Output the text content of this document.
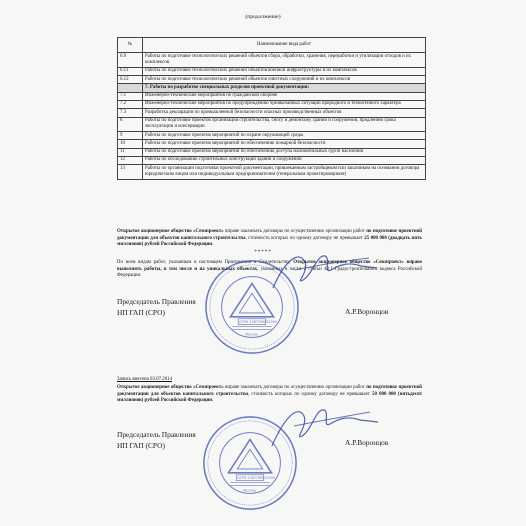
(продолжение)
№	Наименование вида работ
6.9	Работы по подготовке технологических решений объектов сбора, обработки, хранения, переработки и утилизации отходов и их комплексов
6.11	Работы по подготовке технологических решений объектов военной инфраструктуры и их комплексов
6.12	Работы по подготовке технологических решений объектов очистных сооружений и их комплексов
	7. Работы по разработке специальных разделов проектной документации:
7.1	Инженерно-технические мероприятия по гражданской обороне
7.2	Инженерно-технические мероприятия по предупреждению чрезвычайных ситуаций природного и техногенного характера
7.3	Разработка декларации по промышленной безопасности опасных производственных объектов
8	Работы по подготовке проектов организации строительства, сносу и демонтажу зданий и сооружений, продлению срока эксплуатации и консервации
9	Работы по подготовке проектов мероприятий по охране окружающей среды
10	Работы по подготовке проектов мероприятий по обеспечению пожарной безопасности
11	Работы по подготовке проектов мероприятий по обеспечению доступа маломобильных групп населения
12	Работы по обследованию строительных конструкций зданий и сооружений
13	Работы по организации подготовки проектной документации, привлекаемым застройщиком или заказчиком на основании договора юридическим лицом или индивидуальным предпринимателем (генеральным проектировщиком)
Открытое акционерное общество «Севзпроект» вправе заключать договоры по осуществлению организации работ по подготовке проектной документации для объектов капитального строительства, стоимость которых по одному договору не превышает 25 000 000 (двадцать пять миллионов) рублей Российской Федерации.
*****
По всем видам работ, указанным в настоящем Приложении к Свидетельству, Открытое акционерное общество «Севзпроект» вправе выполнять работы, в том числе и на уникальных объектах, указанных в части 2 статьи 48.1 Градостроительного кодекса Российской Федерации.
Председатель Правления
НП ГАП (СРО)	А.Р.Воронцов
Запись внесена 03.07.2014
Открытое акционерное общество «Севзпроект» вправе заключать договоры по осуществлению организации работ по подготовке проектной документации для объектов капитального строительства, стоимость которых по одному договору не превышает 50 000 000 (пятьдесят миллионов) рублей Российской Федерации.
Председатель Правления
НП ГАП (СРО)	А.Р.Воронцов
ОГРН 1087799032390
Москва
ОГРН 1087799032390
Москва
